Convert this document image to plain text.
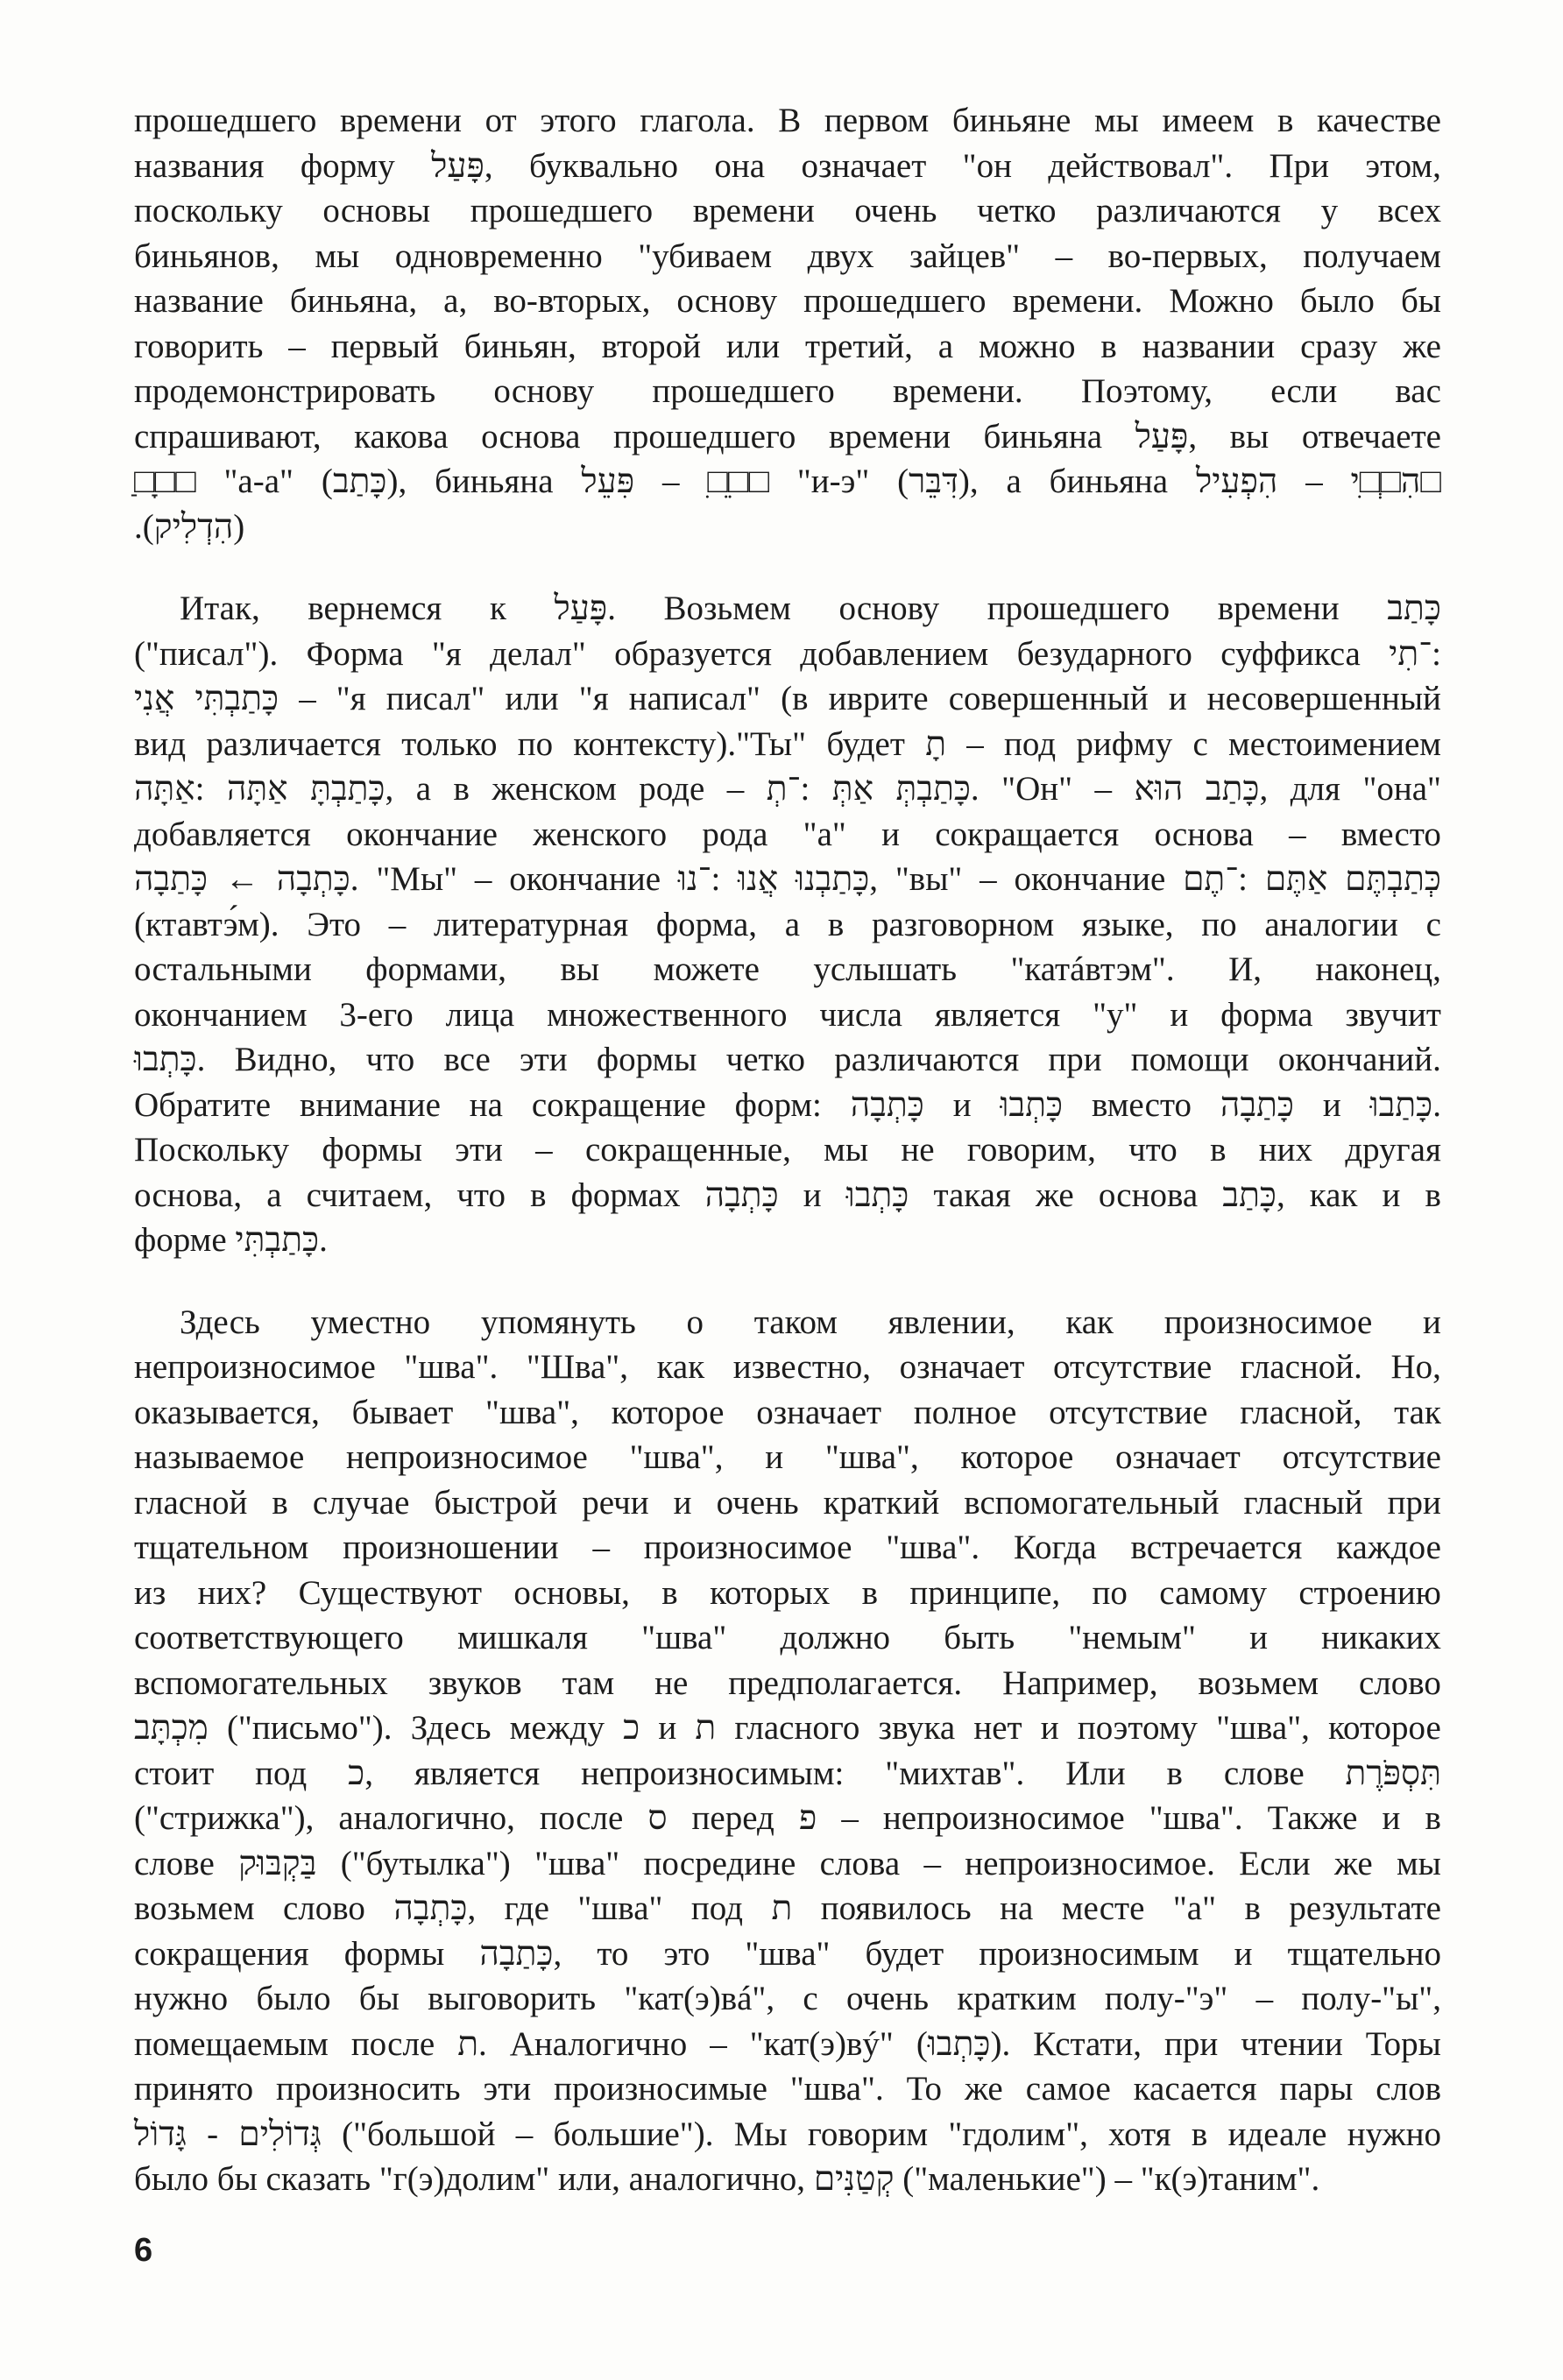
прошедшего времени от этого глагола. В первом биньяне мы имеем в качестве
названия форму פָּעַל, буквально она означает "он действовал". При этом,
поскольку основы прошедшего времени очень четко различаются у всех
биньянов, мы одновременно "убиваем двух зайцев" – во-первых, получаем
название биньяна, а, во-вторых, основу прошедшего времени. Можно было бы
говорить – первый биньян, второй или третий, а можно в названии сразу же
продемонстрировать основу прошедшего времени. Поэтому, если вас
спрашивают, какова основа прошедшего времени биньяна פָּעַל, вы отвечаете
□ַ□ָ□ "а-а" (כָּתַב), биньяна פִּעֵל – □ִ□ֵ□ "и-э" (דִּבֵּר), а биньяна הִפְעִיל – הִ□ְ□ִי□
(הִדְלִיק).
Итак, вернемся к פָּעַל. Возьмем основу прошедшего времени כָּתַב
("писал"). Форма "я делал" образуется добавлением безударного суффикса ־תִי:
אֲנִי כָּתַבְתִּי – "я писал" или "я написал" (в иврите совершенный и несовершенный
вид различается только по контексту)."Ты" будет תָ – под рифму с местоимением
אַתָּה: אַתָּה כָּתַבְתָּ, а в женском роде – ־תְ: אַתְּ כָּתַבְתְּ. "Он" – הוּא כָּתַב, для "она"
добавляется окончание женского рода "а" и сокращается основа – вместо
כָּתַבָה ← כָּתְבָה. "Мы" – окончание ־נוּ: אֲנוּ כָּתַבְנוּ, "вы" – окончание ־תֶם: אַתֶּם כְּתַבְתֶּם
(ктавтэ́м). Это – литературная форма, а в разговорном языке, по аналогии с
остальными формами, вы можете услышать "катáвтэм". И, наконец,
окончанием 3-его лица множественного числа является "у" и форма звучит
כָּתְבוּ. Видно, что все эти формы четко различаются при помощи окончаний.
Обратите внимание на сокращение форм: כָּתְבָה и כָּתְבוּ вместо כָּתַבָה и כָּתַבוּ.
Поскольку формы эти – сокращенные, мы не говорим, что в них другая
основа, а считаем, что в формах כָּתְבָה и כָּתְבוּ такая же основа כָּתַב, как и в
форме כָּתַבְתִּי.
Здесь уместно упомянуть о таком явлении, как произносимое и
непроизносимое "шва". "Шва", как известно, означает отсутствие гласной. Но,
оказывается, бывает "шва", которое означает полное отсутствие гласной, так
называемое непроизносимое "шва", и "шва", которое означает отсутствие
гласной в случае быстрой речи и очень краткий вспомогательный гласный при
тщательном произношении – произносимое "шва". Когда встречается каждое
из них? Существуют основы, в которых в принципе, по самому строению
соответствующего мишкаля "шва" должно быть "немым" и никаких
вспомогательных звуков там не предполагается. Например, возьмем слово
מִכְתָּב ("письмо"). Здесь между כ и ת гласного звука нет и поэтому "шва", которое
стоит под כ, является непроизносимым: "михтав". Или в слове תִּסְפֹּרֶת
("стрижка"), аналогично, после ס перед פ – непроизносимое "шва". Также и в
слове בַּקְבּוּק ("бутылка") "шва" посредине слова – непроизносимое. Если же мы
возьмем слово כָּתְבָה, где "шва" под ת появилось на месте "а" в результате
сокращения формы כָּתַבָה, то это "шва" будет произносимым и тщательно
нужно было бы выговорить "кат(э)вá", с очень кратким полу-"э" – полу-"ы",
помещаемым после ת. Аналогично – "кат(э)вý" (כָּתְבוּ). Кстати, при чтении Торы
принято произносить эти произносимые "шва". То же самое касается пары слов
גָּדוֹל - גְּדוֹלִים ("большой – большие"). Мы говорим "гдолим", хотя в идеале нужно
было бы сказать "г(э)долим" или, аналогично, קְטַנִּים ("маленькие") – "к(э)таним".
6
